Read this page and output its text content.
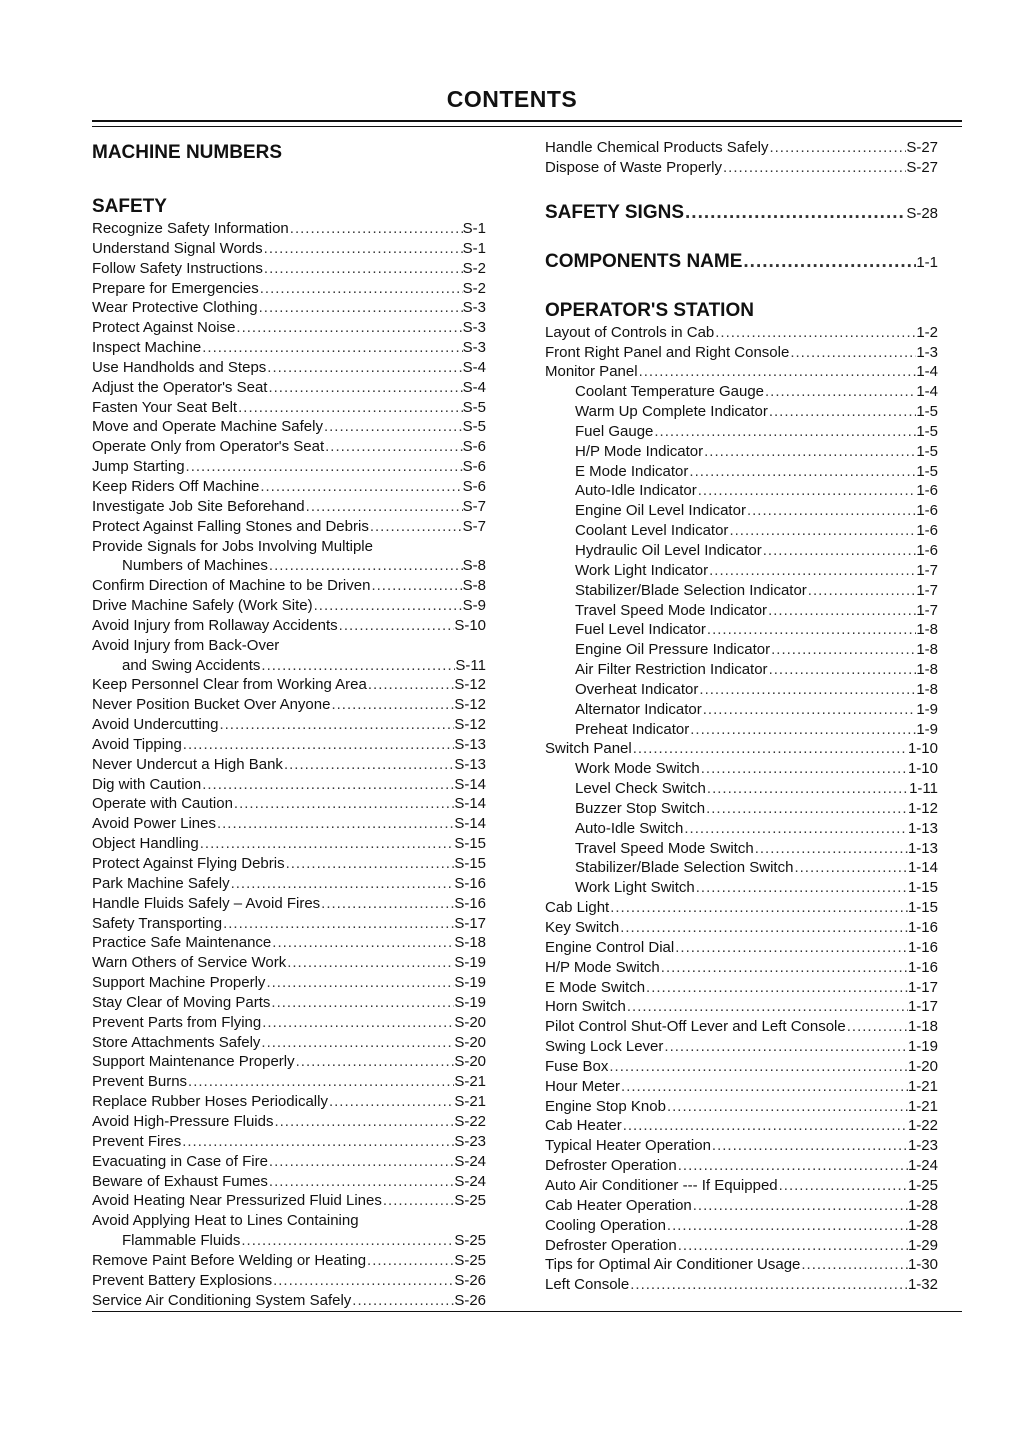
CONTENTS
MACHINE NUMBERS
SAFETY
Recognize Safety Information .....	S-1
Understand Signal Words .....	S-1
Follow Safety Instructions .....	S-2
Prepare for Emergencies .....	S-2
Wear Protective Clothing .....	S-3
Protect Against Noise .....	S-3
Inspect Machine .....	S-3
Use Handholds and Steps .....	S-4
Adjust the Operator's Seat .....	S-4
Fasten Your Seat Belt .....	S-5
Move and Operate Machine Safely .....	S-5
Operate Only from Operator's Seat .....	S-6
Jump Starting .....	S-6
Keep Riders Off Machine .....	S-6
Investigate Job Site Beforehand .....	S-7
Protect Against Falling Stones and Debris .....	S-7
Provide Signals for Jobs Involving Multiple
Numbers of Machines .....	S-8
Confirm Direction of Machine to be Driven .....	S-8
Drive Machine Safely (Work Site) .....	S-9
Avoid Injury from Rollaway Accidents .....	S-10
Avoid Injury from Back-Over
and Swing Accidents .....	S-11
Keep Personnel Clear from Working Area .....	S-12
Never Position Bucket Over Anyone .....	S-12
Avoid Undercutting .....	S-12
Avoid Tipping .....	S-13
Never Undercut a High Bank .....	S-13
Dig with Caution .....	S-14
Operate with Caution .....	S-14
Avoid Power Lines .....	S-14
Object Handling .....	S-15
Protect Against Flying Debris .....	S-15
Park Machine Safely .....	S-16
Handle Fluids Safely – Avoid Fires .....	S-16
Safety Transporting .....	S-17
Practice Safe Maintenance .....	S-18
Warn Others of Service Work .....	S-19
Support Machine Properly .....	S-19
Stay Clear of Moving Parts .....	S-19
Prevent Parts from Flying .....	S-20
Store Attachments Safely .....	S-20
Support Maintenance Properly .....	S-20
Prevent Burns .....	S-21
Replace Rubber Hoses Periodically .....	S-21
Avoid High-Pressure Fluids .....	S-22
Prevent Fires .....	S-23
Evacuating in Case of Fire .....	S-24
Beware of Exhaust Fumes .....	S-24
Avoid Heating Near Pressurized Fluid Lines .....	S-25
Avoid Applying Heat to Lines Containing
Flammable Fluids .....	S-25
Remove Paint Before Welding or Heating .....	S-25
Prevent Battery Explosions .....	S-26
Service Air Conditioning System Safely .....	S-26
Handle Chemical Products Safely .....	S-27
Dispose of Waste Properly .....	S-27
SAFETY SIGNS .....	S-28
COMPONENTS NAME .....	1-1
OPERATOR'S STATION
Layout of Controls in Cab .....	1-2
Front Right Panel and Right Console .....	1-3
Monitor Panel .....	1-4
Coolant Temperature Gauge .....	1-4
Warm Up Complete Indicator .....	1-5
Fuel Gauge .....	1-5
H/P Mode Indicator .....	1-5
E Mode Indicator .....	1-5
Auto-Idle Indicator .....	1-6
Engine Oil Level Indicator .....	1-6
Coolant Level Indicator .....	1-6
Hydraulic Oil Level Indicator .....	1-6
Work Light Indicator .....	1-7
Stabilizer/Blade Selection Indicator .....	1-7
Travel Speed Mode Indicator .....	1-7
Fuel Level Indicator .....	1-8
Engine Oil Pressure Indicator .....	1-8
Air Filter Restriction Indicator .....	1-8
Overheat Indicator .....	1-8
Alternator Indicator .....	1-9
Preheat Indicator .....	1-9
Switch Panel .....	1-10
Work Mode Switch .....	1-10
Level Check Switch .....	1-11
Buzzer Stop Switch .....	1-12
Auto-Idle Switch .....	1-13
Travel Speed Mode Switch .....	1-13
Stabilizer/Blade Selection Switch .....	1-14
Work Light Switch .....	1-15
Cab Light .....	1-15
Key Switch .....	1-16
Engine Control Dial .....	1-16
H/P Mode Switch .....	1-16
E Mode Switch .....	1-17
Horn Switch .....	1-17
Pilot Control Shut-Off Lever and Left Console .....	1-18
Swing Lock Lever .....	1-19
Fuse Box .....	1-20
Hour Meter .....	1-21
Engine Stop Knob .....	1-21
Cab Heater .....	1-22
Typical Heater Operation .....	1-23
Defroster Operation .....	1-24
Auto Air Conditioner --- If Equipped .....	1-25
Cab Heater Operation .....	1-28
Cooling Operation .....	1-28
Defroster Operation .....	1-29
Tips for Optimal Air Conditioner Usage .....	1-30
Left Console .....	1-32
